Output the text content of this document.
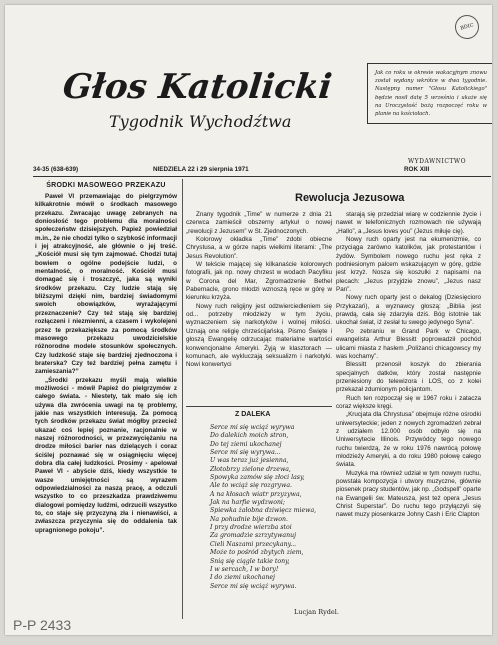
BDIC
Głos Katolicki
Tygodnik Wychodźtwa
Jak co roku w okresie wakacyjnym znowu został wydany wkrótce w dwa tygodnie. Następny numer "Głosu Katolickiego" będzie nosił datę 5 września i ukaże się na Uroczystość bożą rozpoczęć roku w planie na kościołach.
WYDAWNICTWO
34-35 (638-639)	NIEDZIELA 22 i 29 sierpnia 1971	ROK XIII
ŚRODKI MASOWEGO PRZEKAZU

Paweł VI przemawiając do pielgrzymów kilkakrotnie mówił o środkach masowego przekazu. Zwracając uwagę zebranych na doniosłość tego problemu dla moralności społeczeństw dzisiejszych. Papież powiedział m.in., że nie chodzi tylko o szybkość informacji i jej atrakcyjność, ale głównie o jej treść. „Kościół musi się tym zajmować. Chodzi tutaj bowiem o ogólne podejście ludzi, o mentalność, o moralność. Kościół musi domagać się i troszczyć, jaka są wyniki środków przekazu. Czy ludzie stają się bliższymi dzięki nim, bardziej świadomymi swoich obowiązków, wyrażającymi przeznaczenie? Czy też stają się bardziej rozłączeni i niezmienni, a czasem i wykolejeni przez te przekaziększe za pomocą środków masowego przekazu uwodzicielskie różnorodne modele stosunków społecznych. Czy ludzkość staje się bardziej zjednoczona i braterska? Czy też bardziej pełna zamętu i zamieszania?”

„Środki przekazu myśli mają wielkie możliwości - mówił Papież do pielgrzymów z całego świata. - Niestety, tak mało się ich używa dla zwrócenia uwagi na tę problemy, jakie nas wszystkich interesują. Za pomocą tych środków przekazu świat mógłby przecież ukazać coś lepiej poznanie, racjonalnie w naszej różnorodności, w przezwyciężaniu na drodze miłości barier nas dzielących i coraz ściślej poznawać się w osiągnięciu więcej dobra dla całej ludzkości. Prosimy - apelował Paweł VI - abyście dziś, kiedy wszystkie te wasze umiejętności są wyrazem odpowiedzialności za naszą pracę, a odczuli wszystko to co przeszkadza prawdziwemu dialogowi pomiędzy ludźmi, odrzucili wszystko to, co staje się przyczyną zła i nienawiści, a zwłaszcza przyczynia się do oddalenia tak upragnionego pokoju”.

Rewolucja Jezusowa

Znany tygodnik „Time” w numerze z dnia 21 czerwca zamieścił obszerny artykuł o nowej „rewolucji z Jezusem” w St. Zjednoczonych.

Kolorowy okładka „Time” zdobi obiecne Chrystusa, a w górze napis wielkimi literami: „The Jesus Revolution”.

W tekście mającej się kilkanaście kolorowych fotografii, jak np. nowy chrzest w wodach Pacyfiku w Corona del Mar, Zgromadzenie Bethel Pabernacle, grono młodzi wznoszą ręce w górę w kierunku krzyża.

Nowy ruch religijny jest odzwierciedleniem się od... potrzeby młodzieży w tym życiu, wyznaczeniem się narkotyków i wolnej miłości. Uznają one religię chrześcijańską. Pismo Święte i głoszą Ewangelię odrzucając materialne wartości konwencjonalne Ameryki. Żyją w klasztorach — komunach, ale wykluczają seksualizm i narkotyki. Nowi konwertyci

starają się przedział wiarę w codziennie życie i nawet w telefonicznych rozmowach nie używają „Hallo”, a „Jesus loves you” (Jezus miłuje cię).

Nowy ruch oparty jest na ekumenizmie, co przyciąga zarówno katolików, jak protestantów i żydów. Symbolem nowego ruchu jest ręka z podniesionym palcem wskazującym w górę, gdzie jest krzyż. Nosza się koszulki z napisami na plecach: „Jezus przyjdzie znowu”, „Jezus nasz Pan”.

Nowy ruch oparty jest o dekalog (Dziesięcioro Przykazań), a wyznawcy głoszą: „Biblia jest prawdą, cała się zdarzyła dziś. Bóg istotnie tak ukochał świat, iż zesłał tu swego jedynego Syna”.

Po zebraniu w Grand Park w Chicago, ewangelista Arthur Blessitt poprowadził pochód ulicami miasta z hasłem „Poliżanci chicagowscy my was kochamy”.

Blessitt przenosił koszyk do zbierania specjalnych datków, który został następnie przeniesiony do telewizora i LOS, co z kolei przekazał zdumionym policjantom.

Ruch ten rozpoczął się w 1967 roku i zatacza coraz większe kręgi.

„Krucjata dla Chrystusa” obejmuje różne ośrodki uniwersyteckie; jeden z nowych zgromadzeń zebrał z udziałem 12.000 osób odbyło się na Uniwersytecie Illinois. Przywódcy tego nowego ruchu twierdzą, że w roku 1976 nawrócą połowę młodzieży Ameryki, a do roku 1980 połowę całego świata.

Muzyka ma również udział w tym nowym ruchu, powstała kompozycja i utwory muzyczne, głównie piosenek pracy studentów, jak np. „Godspell” oparte na Ewangelii św. Mateusza, jest też opera „Jesus Christ Superstar”. Do ruchu tego przyłączyli się nawet muzy piosenkarze Johny Cash i Eric Clapton

Z DALEKA
Serce mi się wciąż wyrywa
Do dalekich moich stron,
Do tej ziemi ukochanej
Serce mi się wyrywa...
U was teraz już jesienna,
Złotobrzy zielone drzewa,
Spowyka zamów się złoci lasy,
Ale to wciąż się rozgrywa.
A na kłosach wiatr przyzywa,
Jak na harfie wydzwoni;
Spiewka żałobna dziwięcz miewa,
Na pohudnie bije dzwon.
I przy drodze wierzba stoi
Za gromadzie szrzytywanuj
Cieli Naszami przecykany...
Może to pośród zbytych ziem,
Snią się ciągle takie tony,
I w sercach, I w bory!
I do ziemi ukochanej
Serce mi się wciąż wyrywa.
Lucjan Rydel.
P-P 2433
